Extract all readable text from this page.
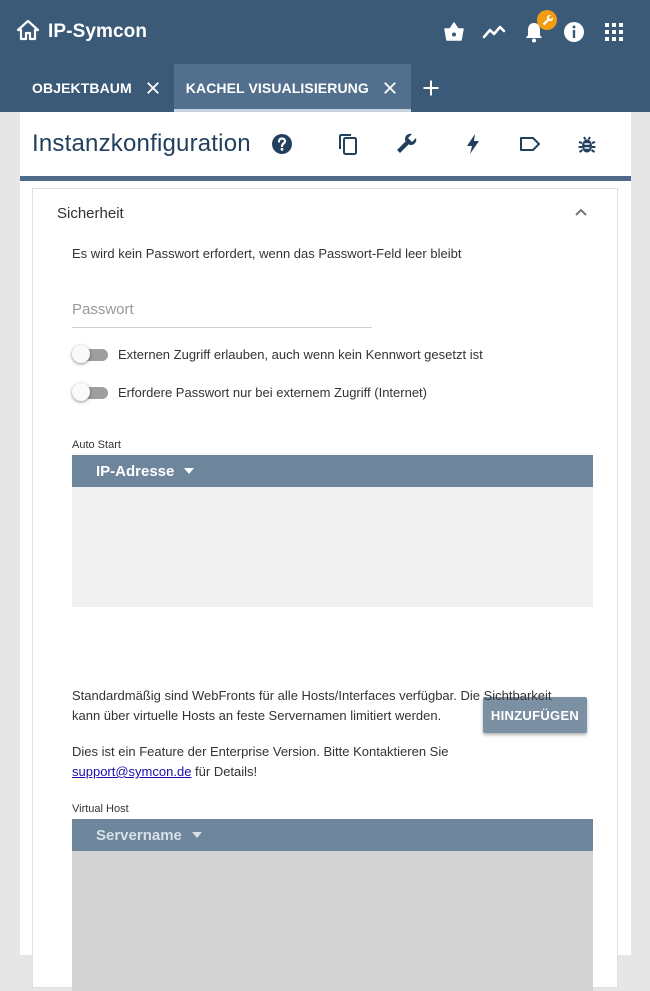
IP-Symcon
OBJEKTBAUM	KACHEL VISUALISIERUNG
Instanzkonfiguration
Sicherheit
Es wird kein Passwort erfordert, wenn das Passwort-Feld leer bleibt
Externen Zugriff erlauben, auch wenn kein Kennwort gesetzt ist
Erfordere Passwort nur bei externem Zugriff (Internet)
Auto Start
IP-Adresse
HINZUFÜGEN
Standardmäßig sind WebFronts für alle Hosts/Interfaces verfügbar. Die Sichtbarkeit
kann über virtuelle Hosts an feste Servernamen limitiert werden.
Dies ist ein Feature der Enterprise Version. Bitte Kontaktieren Sie
support@symcon.de für Details!
Virtual Host
Servername
